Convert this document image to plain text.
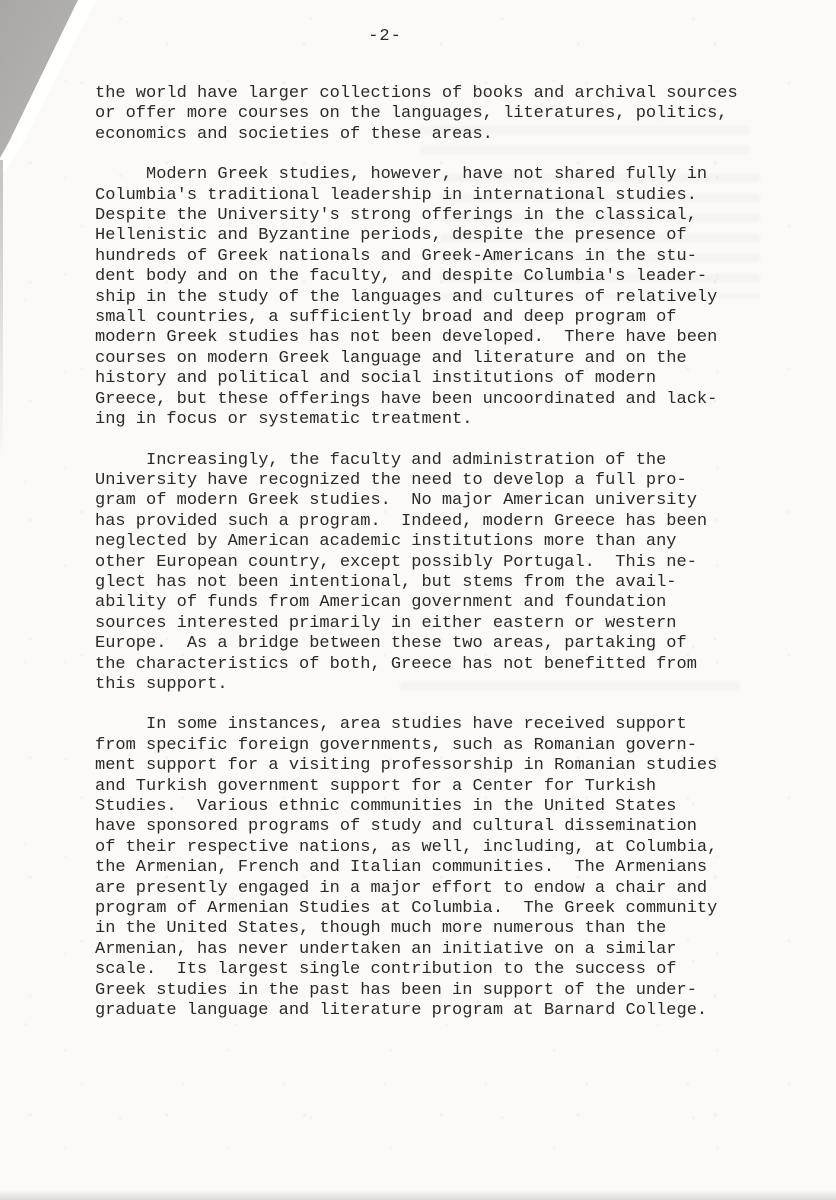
-2-

the world have larger collections of books and archival sources
or offer more courses on the languages, literatures, politics,
economics and societies of these areas.

Modern Greek studies, however, have not shared fully in
Columbia's traditional leadership in international studies.
Despite the University's strong offerings in the classical,
Hellenistic and Byzantine periods, despite the presence of
hundreds of Greek nationals and Greek-Americans in the stu-
dent body and on the faculty, and despite Columbia's leader-
ship in the study of the languages and cultures of relatively
small countries, a sufficiently broad and deep program of
modern Greek studies has not been developed.  There have been
courses on modern Greek language and literature and on the
history and political and social institutions of modern
Greece, but these offerings have been uncoordinated and lack-
ing in focus or systematic treatment.

Increasingly, the faculty and administration of the
University have recognized the need to develop a full pro-
gram of modern Greek studies.  No major American university
has provided such a program.  Indeed, modern Greece has been
neglected by American academic institutions more than any
other European country, except possibly Portugal.  This ne-
glect has not been intentional, but stems from the avail-
ability of funds from American government and foundation
sources interested primarily in either eastern or western
Europe.  As a bridge between these two areas, partaking of
the characteristics of both, Greece has not benefitted from
this support.

In some instances, area studies have received support
from specific foreign governments, such as Romanian govern-
ment support for a visiting professorship in Romanian studies
and Turkish government support for a Center for Turkish
Studies.  Various ethnic communities in the United States
have sponsored programs of study and cultural dissemination
of their respective nations, as well, including, at Columbia,
the Armenian, French and Italian communities.  The Armenians
are presently engaged in a major effort to endow a chair and
program of Armenian Studies at Columbia.  The Greek community
in the United States, though much more numerous than the
Armenian, has never undertaken an initiative on a similar
scale.  Its largest single contribution to the success of
Greek studies in the past has been in support of the under-
graduate language and literature program at Barnard College.
